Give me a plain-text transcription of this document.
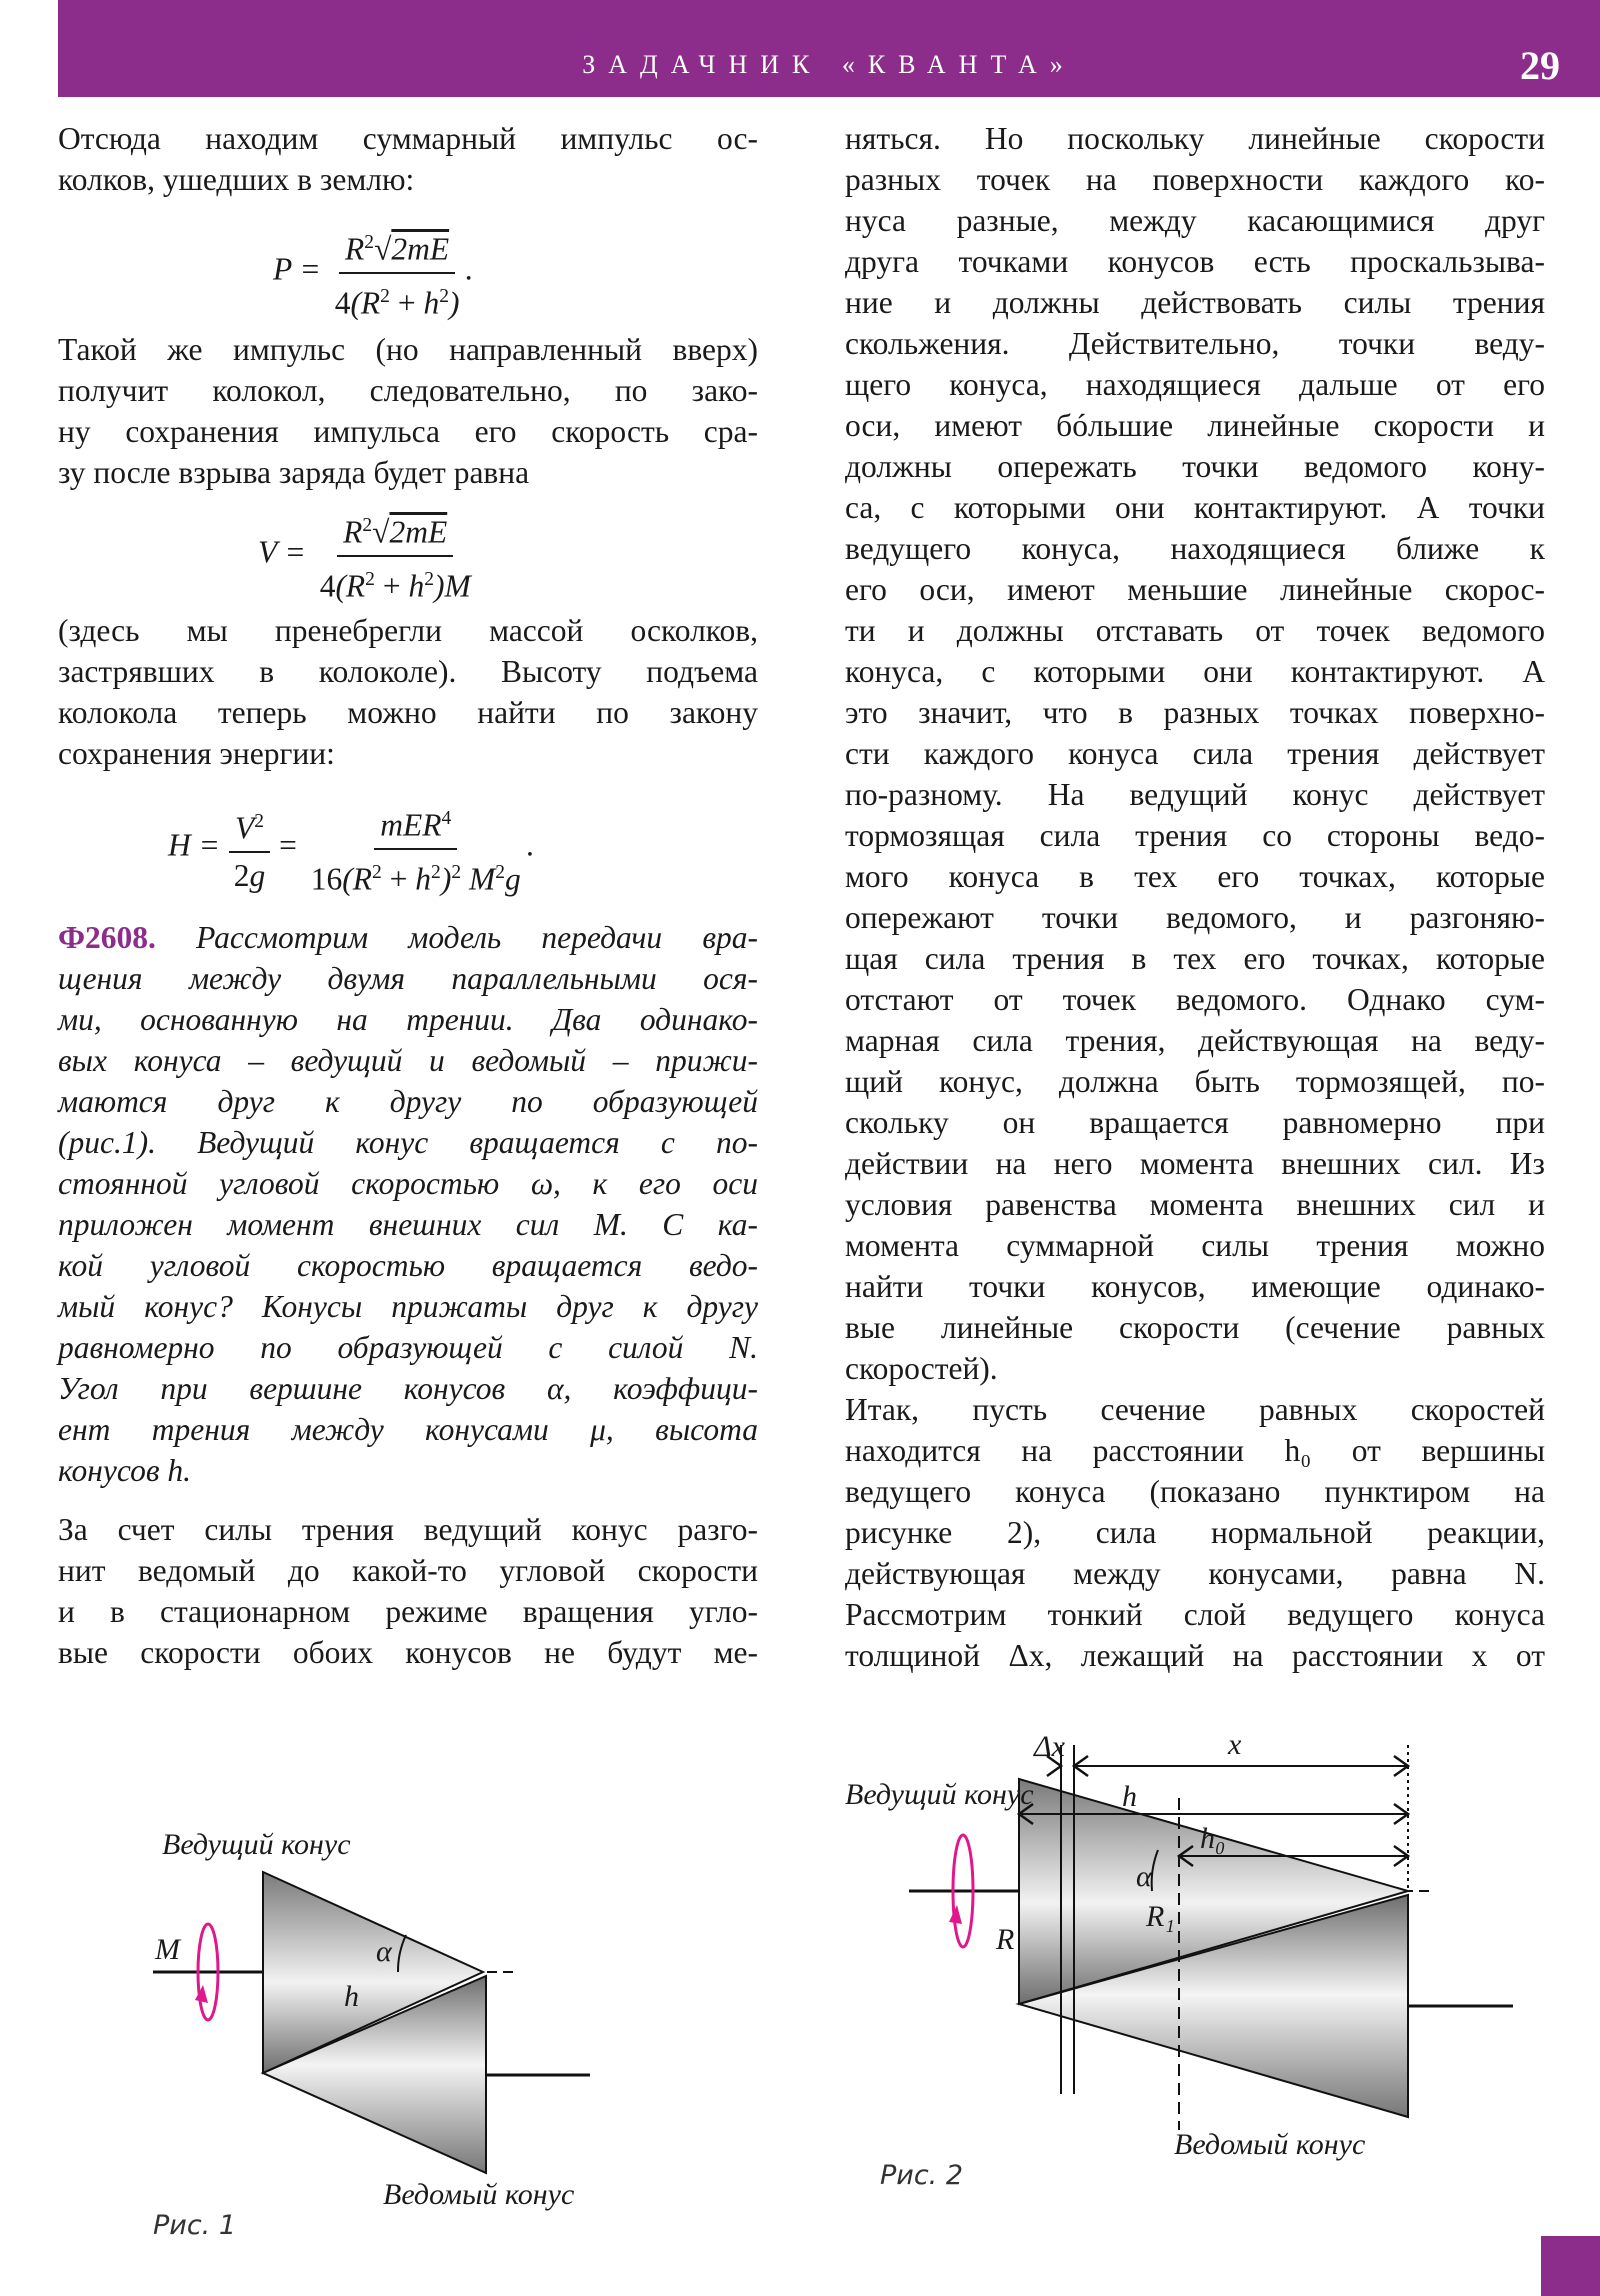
ЗАДАЧНИК «КВАНТА»	29
Отсюда находим суммарный импульс ос-
колков, ушедших в землю:
$P = \frac{R^2√2mE}{4(R^2 + h^2)}$ .
Такой же импульс (но направленный вверх)
получит колокол, следовательно, по зако-
ну сохранения импульса его скорость сра-
зу после взрыва заряда будет равна
$V = \frac{R^2√2mE}{4(R^2 + h^2)M}$
(здесь мы пренебрегли массой осколков,
застрявших в колоколе). Высоту подъема
колокола теперь можно найти по закону
сохранения энергии:
$H = \frac{V^2}{2g} = \frac{mER^4}{16(R^2 + h^2)^2 M^2g}$ .
Ф2608. Рассмотрим модель передачи вра-
щения между двумя параллельными ося-
ми, основанную на трении. Два одинако-
вых конуса – ведущий и ведомый – прижи-
маются друг к другу по образующей
(рис.1). Ведущий конус вращается с по-
стоянной угловой скоростью ω, к его оси
приложен момент внешних сил М. С ка-
кой угловой скоростью вращается ведо-
мый конус? Конусы прижаты друг к другу
равномерно по образующей с силой N.
Угол при вершине конусов α, коэффици-
ент трения между конусами μ, высота
конусов h.
За счет силы трения ведущий конус разго-
нит ведомый до какой-то угловой скорости
и в стационарном режиме вращения угло-
вые скорости обоих конусов не будут ме-
няться. Но поскольку линейные скорости
разных точек на поверхности каждого ко-
нуса разные, между касающимися друг
друга точками конусов есть проскальзыва-
ние и должны действовать силы трения
скольжения. Действительно, точки веду-
щего конуса, находящиеся дальше от его
оси, имеют бóльшие линейные скорости и
должны опережать точки ведомого кону-
са, с которыми они контактируют. А точки
ведущего конуса, находящиеся ближе к
его оси, имеют меньшие линейные скорос-
ти и должны отставать от точек ведомого
конуса, с которыми они контактируют. А
это значит, что в разных точках поверхно-
сти каждого конуса сила трения действует
по-разному. На ведущий конус действует
тормозящая сила трения со стороны ведо-
мого конуса в тех его точках, которые
опережают точки ведомого, и разгоняю-
щая сила трения в тех его точках, которые
отстают от точек ведомого. Однако сум-
марная сила трения, действующая на веду-
щий конус, должна быть тормозящей, по-
скольку он вращается равномерно при
действии на него момента внешних сил. Из
условия равенства момента внешних сил и
момента суммарной силы трения можно
найти точки конусов, имеющие одинако-
вые линейные скорости (сечение равных
скоростей).
Итак, пусть сечение равных скоростей
находится на расстоянии h₀ от вершины
ведущего конуса (показано пунктиром на
рисунке 2), сила нормальной реакции,
действующая между конусами, равна N.
Рассмотрим тонкий слой ведущего конуса
толщиной Δx, лежащий на расстоянии x от
Ведущий конус
M	α
h
Ведомый конус
Рис. 1
Ведущий конус
Δx	x
h
h₀
α
R₁
R
Ведомый конус
Рис. 2
